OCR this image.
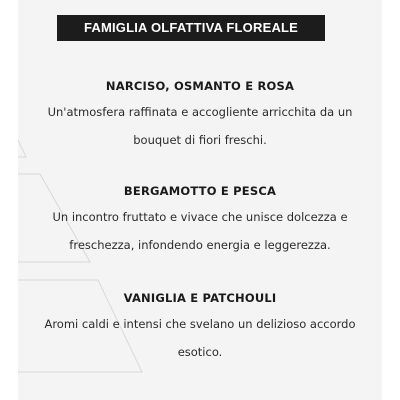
FAMIGLIA OLFATTIVA FLOREALE

NARCISO, OSMANTO E ROSA

Un'atmosfera raffinata e accogliente arricchita da un bouquet di fiori freschi.

BERGAMOTTO E PESCA

Un incontro fruttato e vivace che unisce dolcezza e freschezza, infondendo energia e leggerezza.

VANIGLIA E PATCHOULI

Aromi caldi e intensi che svelano un delizioso accordo esotico.
